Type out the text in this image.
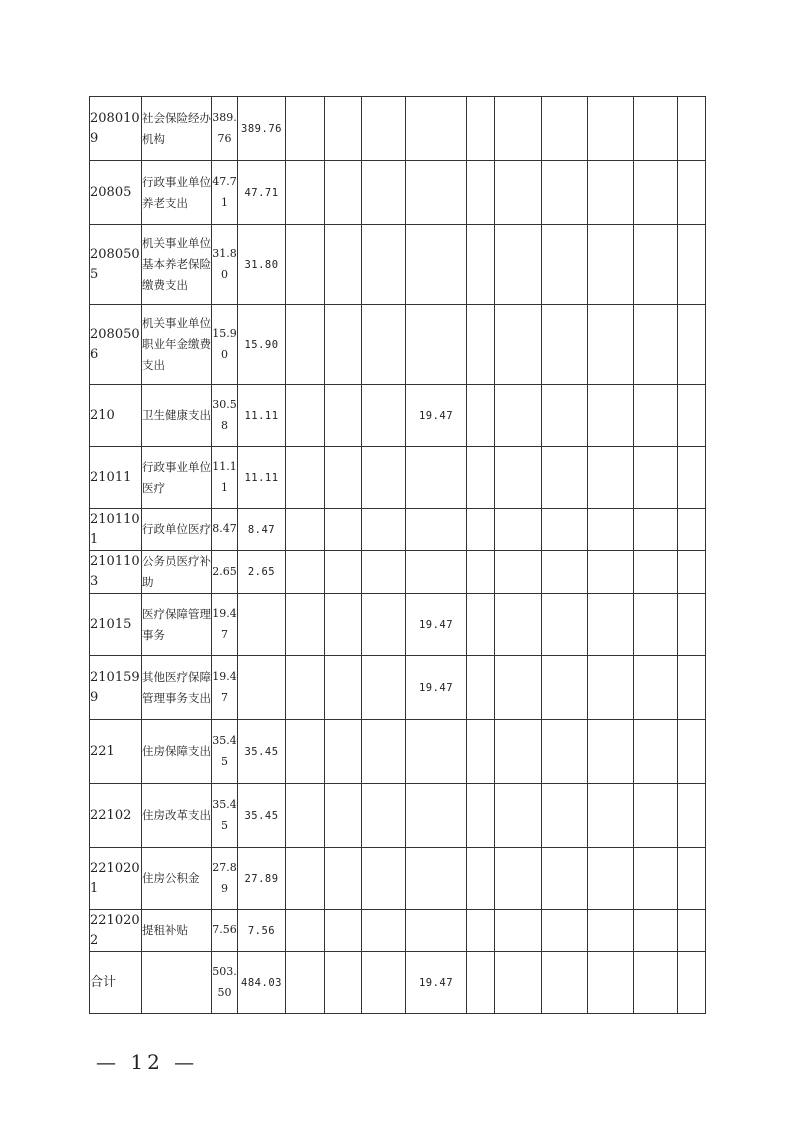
2080109	社会保险经办机构	389.76	389.76										
20805	行政事业单位养老支出	47.71	47.71										
2080505	机关事业单位基本养老保险缴费支出	31.80	31.80										
2080506	机关事业单位职业年金缴费支出	15.90	15.90										
210	卫生健康支出	30.58	11.11				19.47						
21011	行政事业单位医疗	11.11	11.11										
2101101	行政单位医疗	8.47	8.47										
2101103	公务员医疗补助	2.65	2.65										
21015	医疗保障管理事务	19.47					19.47						
2101599	其他医疗保障管理事务支出	19.47					19.47						
221	住房保障支出	35.45	35.45										
22102	住房改革支出	35.45	35.45										
2210201	住房公积金	27.89	27.89										
2210202	提租补贴	7.56	7.56										
合计		503.50	484.03				19.47						
— 12 —
